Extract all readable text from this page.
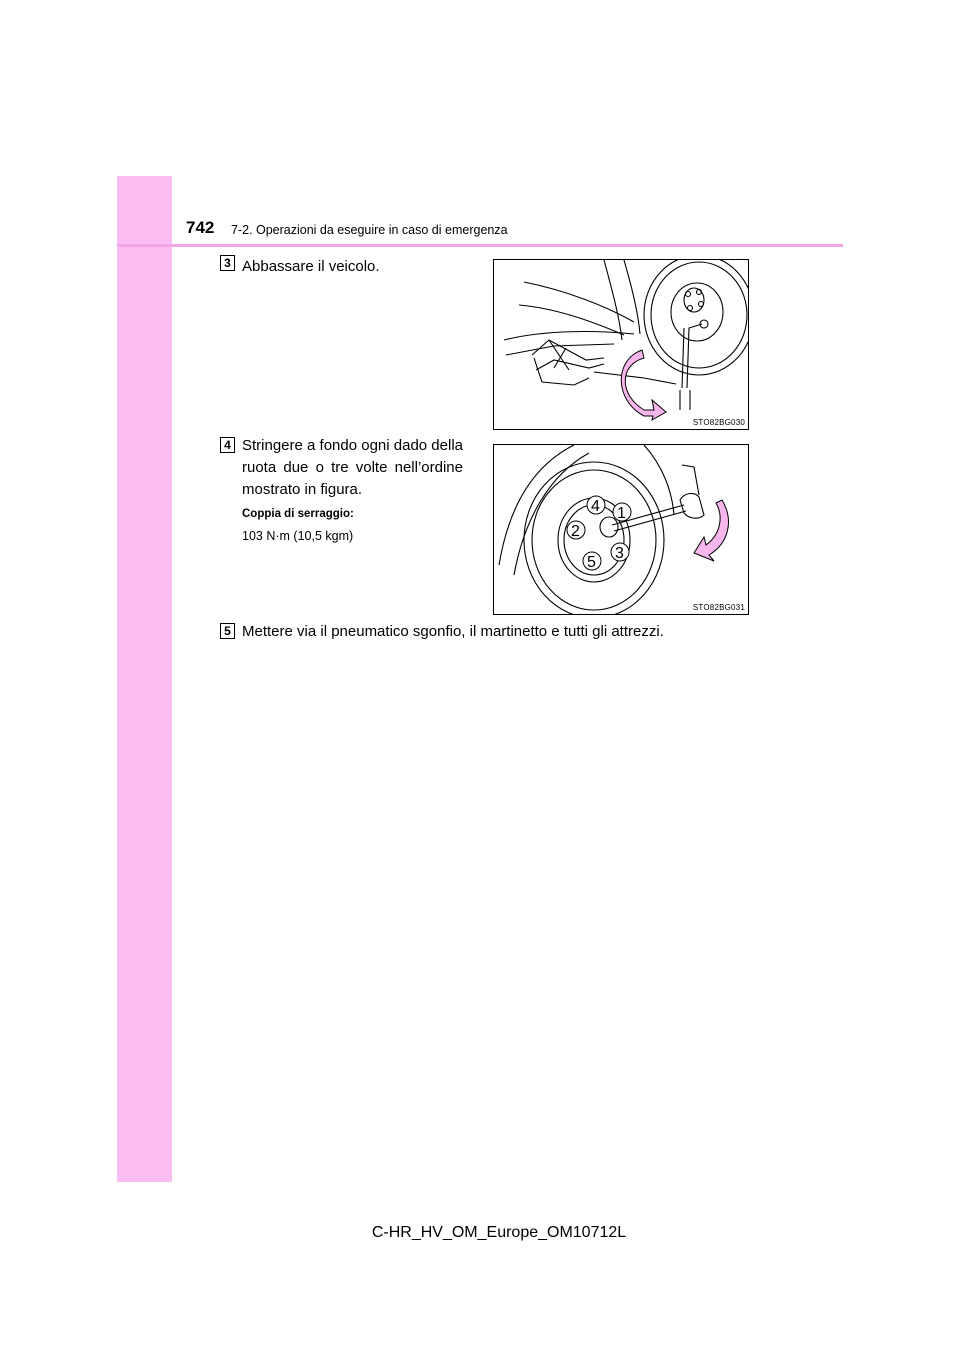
742 7-2. Operazioni da eseguire in caso di emergenza
3 Abbassare il veicolo.
4 Stringere a fondo ogni dado della ruota due o tre volte nell’ordine mostrato in figura.
Coppia di serraggio:
103 N·m (10,5 kgm)
5 Mettere via il pneumatico sgonfio, il martinetto e tutti gli attrezzi.
STO82BG030
4 1
2
3
5
STO82BG031
C-HR_HV_OM_Europe_OM10712L
